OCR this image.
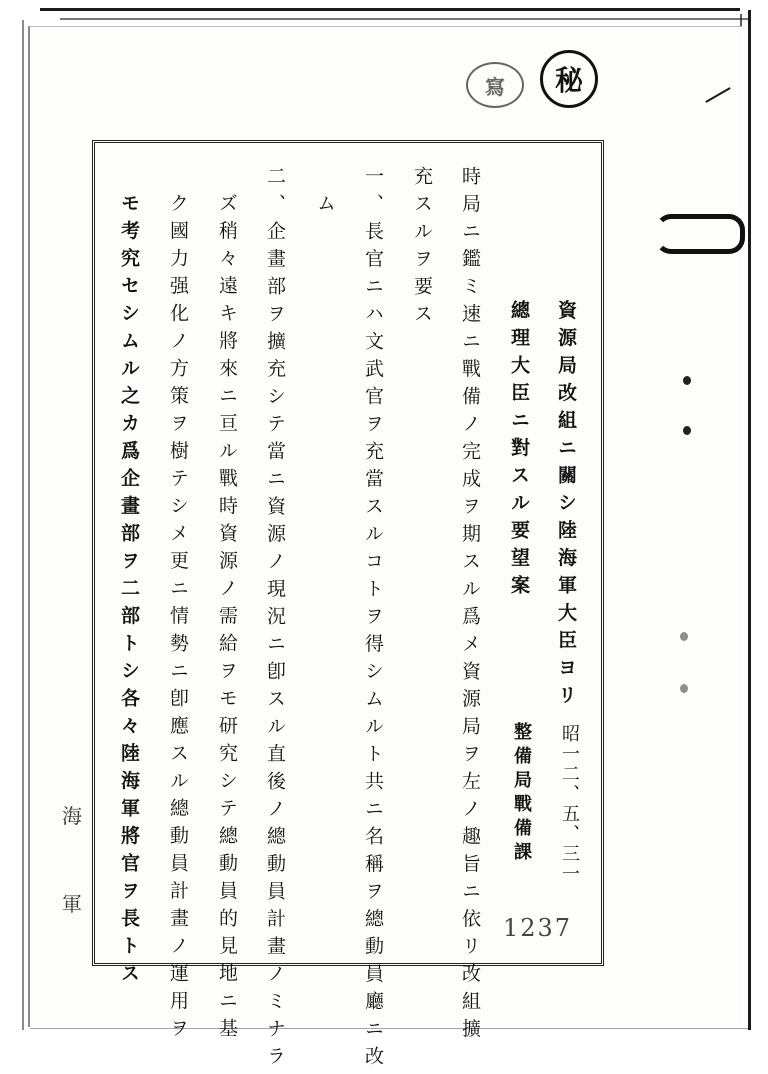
秘
寫
資源局改組ニ關シ陸海軍大臣ヨリ
總理大臣ニ對スル要望案
時局ニ鑑ミ速ニ戰備ノ完成ヲ期スル爲メ資源局ヲ左ノ趣旨ニ依リ改組擴
充スルヲ要ス
ム 一、長官ニハ文武官ヲ充當スルコトヲ得シムルト共ニ名稱ヲ總動員廳ニ改
二、企畫部ヲ擴充シテ當ニ資源ノ現況ニ卽スル直後ノ總動員計畫ノミナラ
ズ稍々遠キ將來ニ亘ル戰時資源ノ需給ヲモ研究シテ總動員的見地ニ基
ク國力强化ノ方策ヲ樹テシメ更ニ情勢ニ卽應スル總動員計畫ノ運用ヲ
モ考究セシムル之カ爲企畫部ヲ二部トシ各々陸海軍將官ヲ長トス	昭一二、五、三一
整備局戰備課
海
軍
1237
